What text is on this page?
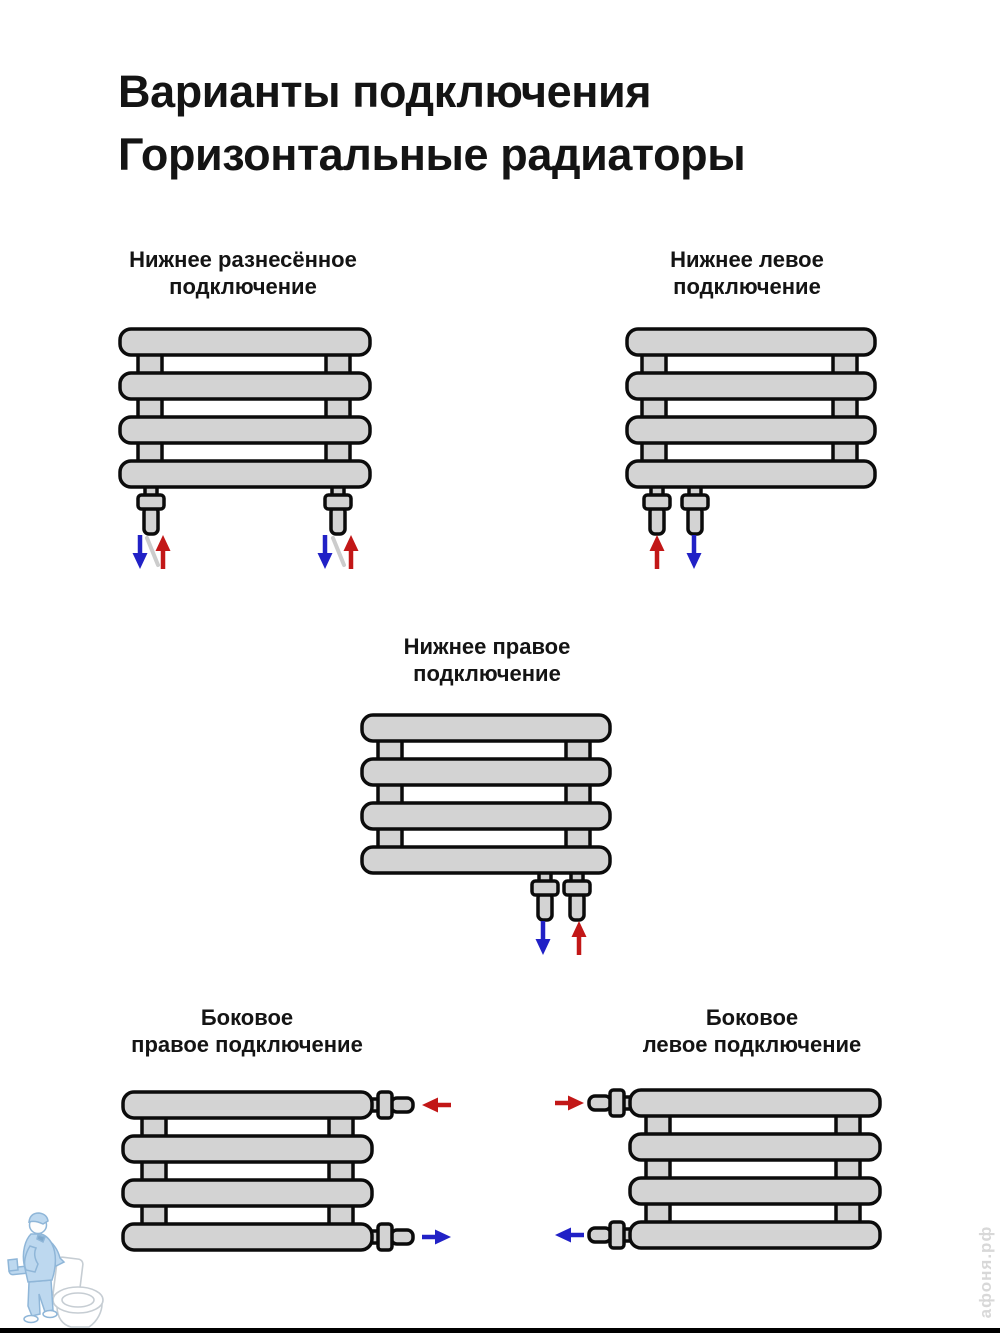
Варианты подключения
Горизонтальные радиаторы
Нижнее разнесённое
подключение
Нижнее левое
подключение
Нижнее правое
подключение
Боковое
правое подключение
Боковое
левое подключение
афоня.рф
